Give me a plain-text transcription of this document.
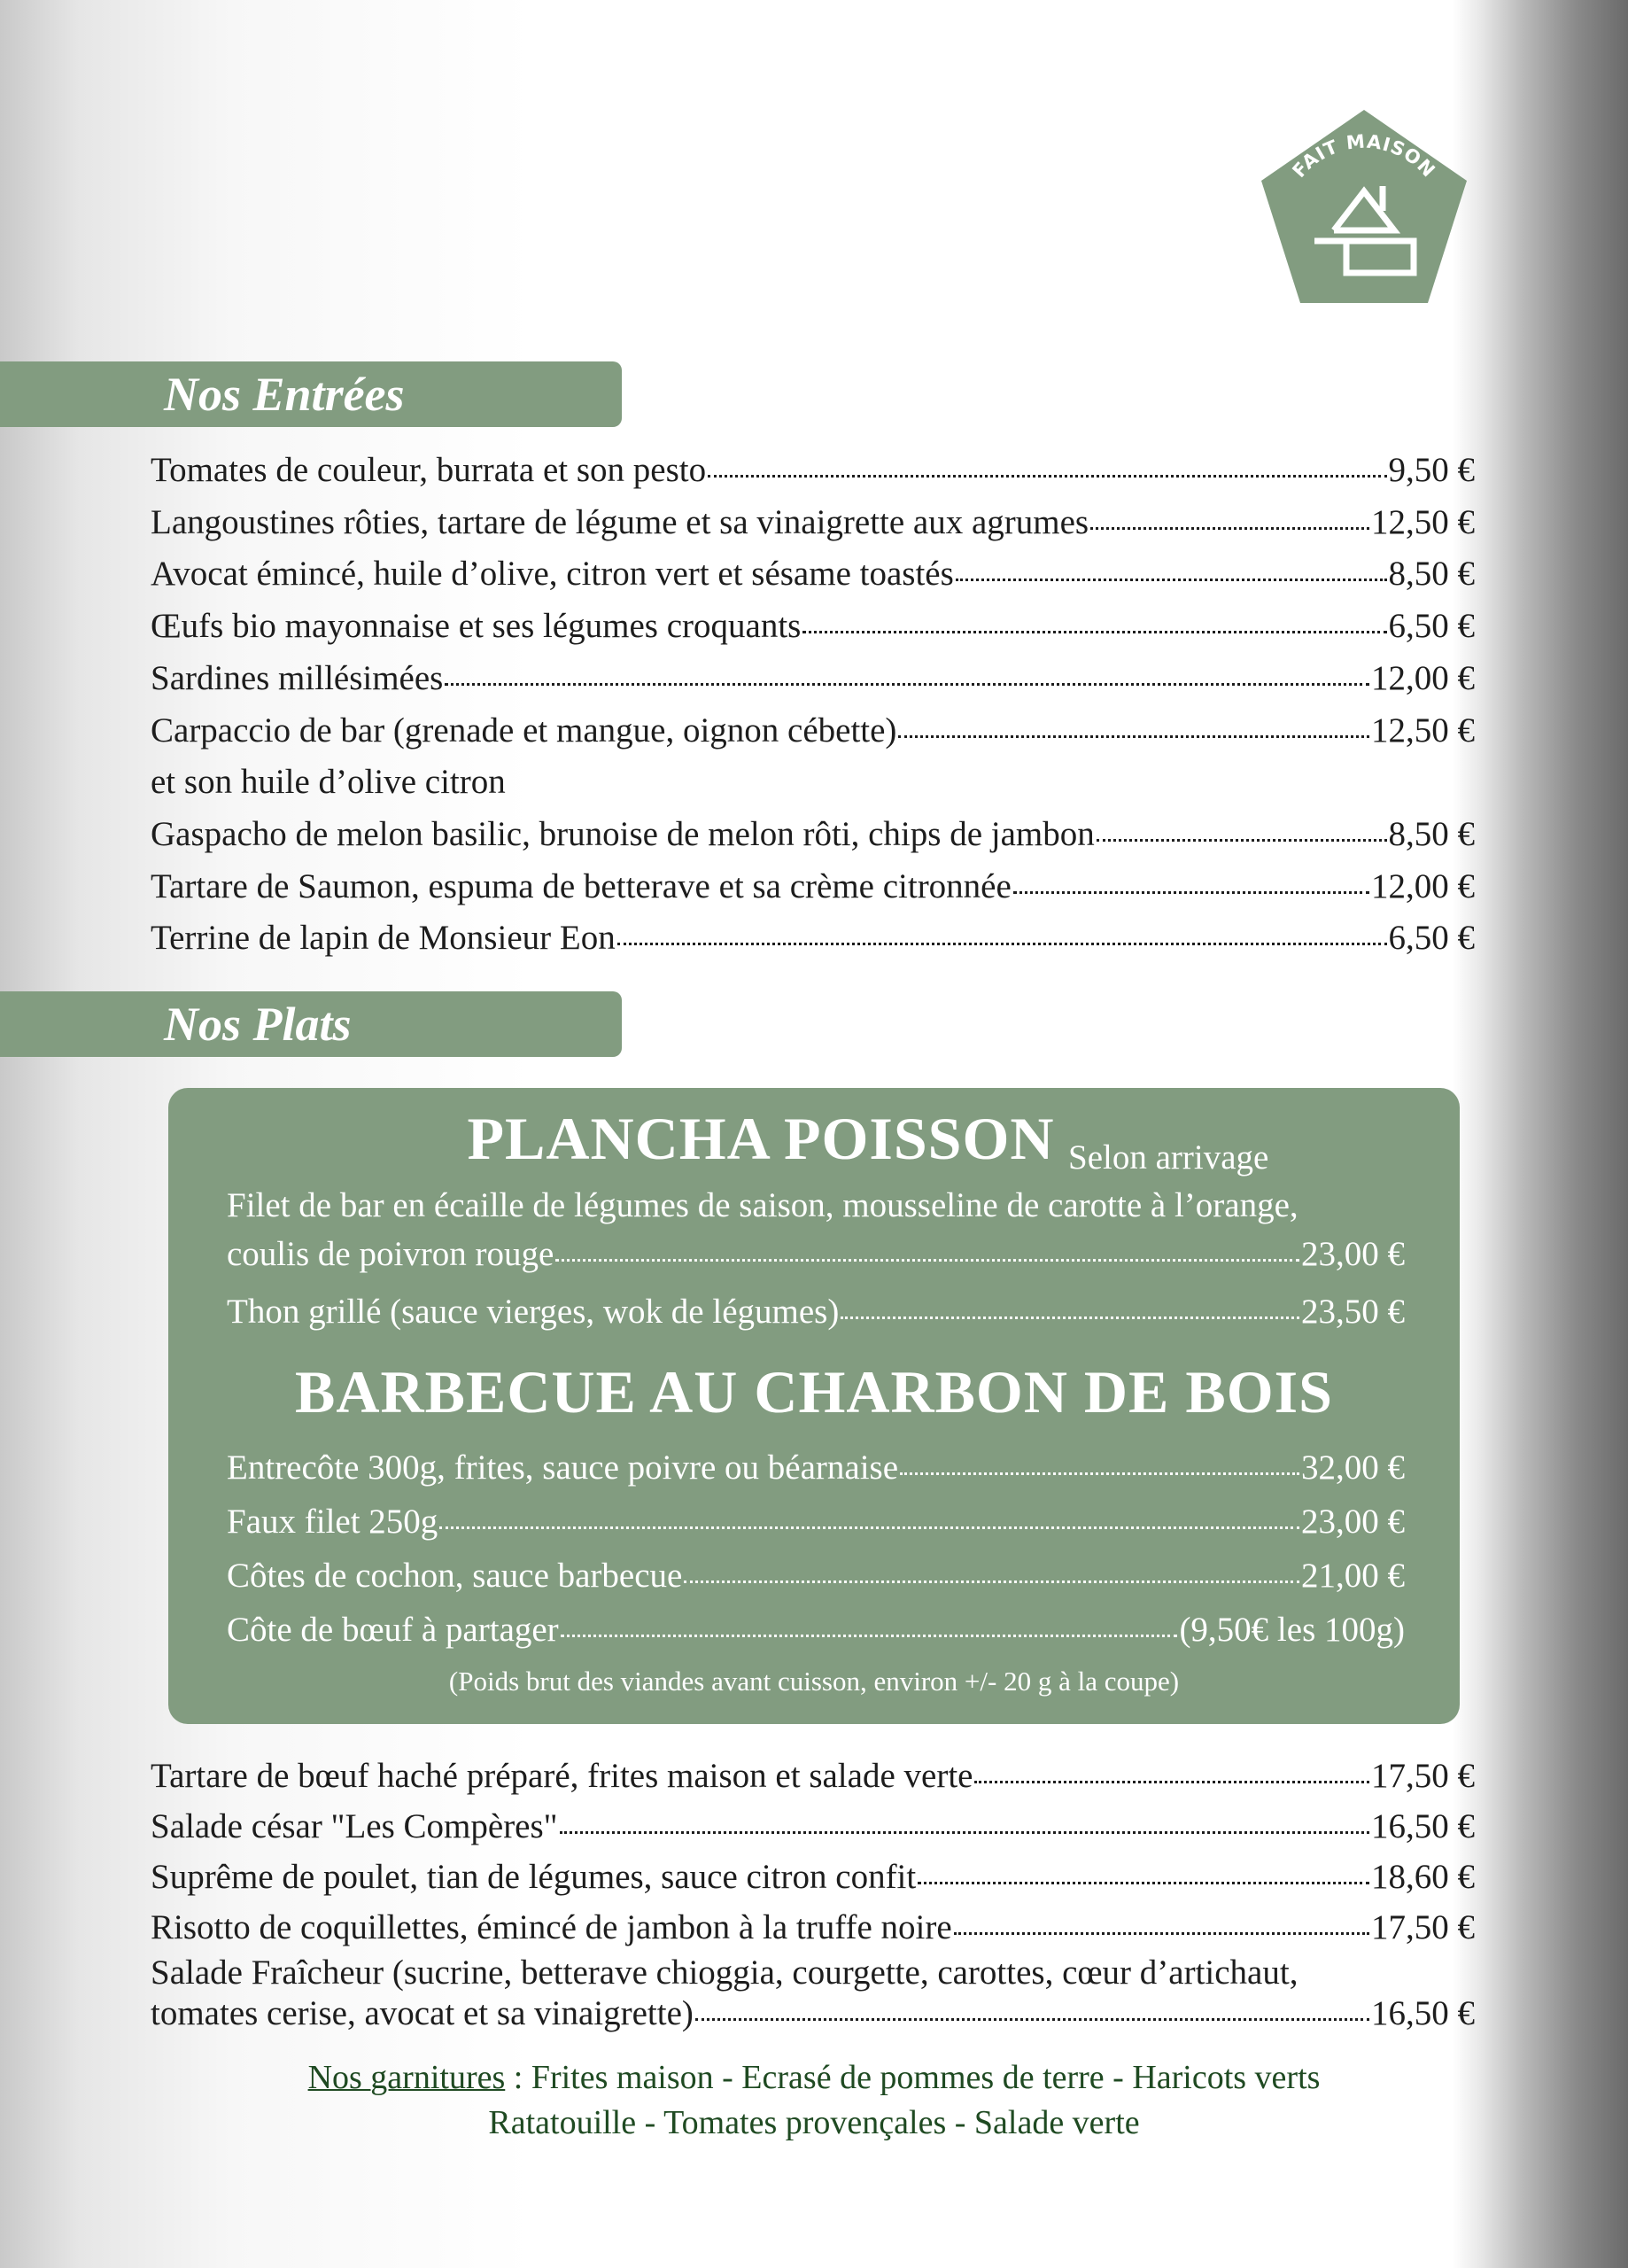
FAIT MAISON
Nos Entrées
Tomates de couleur, burrata et son pesto	9,50 €
Langoustines rôties, tartare de légume et sa vinaigrette aux agrumes	12,50 €
Avocat émincé, huile d’olive, citron vert et sésame toastés	8,50 €
Œufs bio mayonnaise et ses légumes croquants	6,50 €
Sardines millésimées	12,00 €
Carpaccio de bar (grenade et mangue, oignon cébette)	12,50 €
et son huile d’olive citron
Gaspacho de melon basilic, brunoise de melon rôti, chips de jambon	8,50 €
Tartare de Saumon, espuma de betterave et sa crème citronnée	12,00 €
Terrine de lapin de Monsieur Eon	6,50 €
Nos Plats
PLANCHA POISSON Selon arrivage
Filet de bar en écaille de légumes de saison, mousseline de carotte à l’orange,
coulis de poivron rouge	23,00 €
Thon grillé (sauce vierges, wok de légumes)	23,50 €
BARBECUE AU CHARBON DE BOIS
Entrecôte 300g, frites, sauce poivre ou béarnaise	32,00 €
Faux filet 250g	23,00 €
Côtes de cochon, sauce barbecue	21,00 €
Côte de bœuf à partager	(9,50€ les 100g)
(Poids brut des viandes avant cuisson, environ +/- 20 g à la coupe)
Tartare de bœuf haché préparé, frites maison et salade verte	17,50 €
Salade césar "Les Compères"	16,50 €
Suprême de poulet, tian de légumes, sauce citron confit	18,60 €
Risotto de coquillettes, émincé de jambon à la truffe noire	17,50 €
Salade Fraîcheur (sucrine, betterave chioggia, courgette, carottes, cœur d’artichaut,
tomates cerise, avocat et sa vinaigrette)	16,50 €
Nos garnitures : Frites maison - Ecrasé de pommes de terre - Haricots verts
Ratatouille - Tomates provençales - Salade verte
